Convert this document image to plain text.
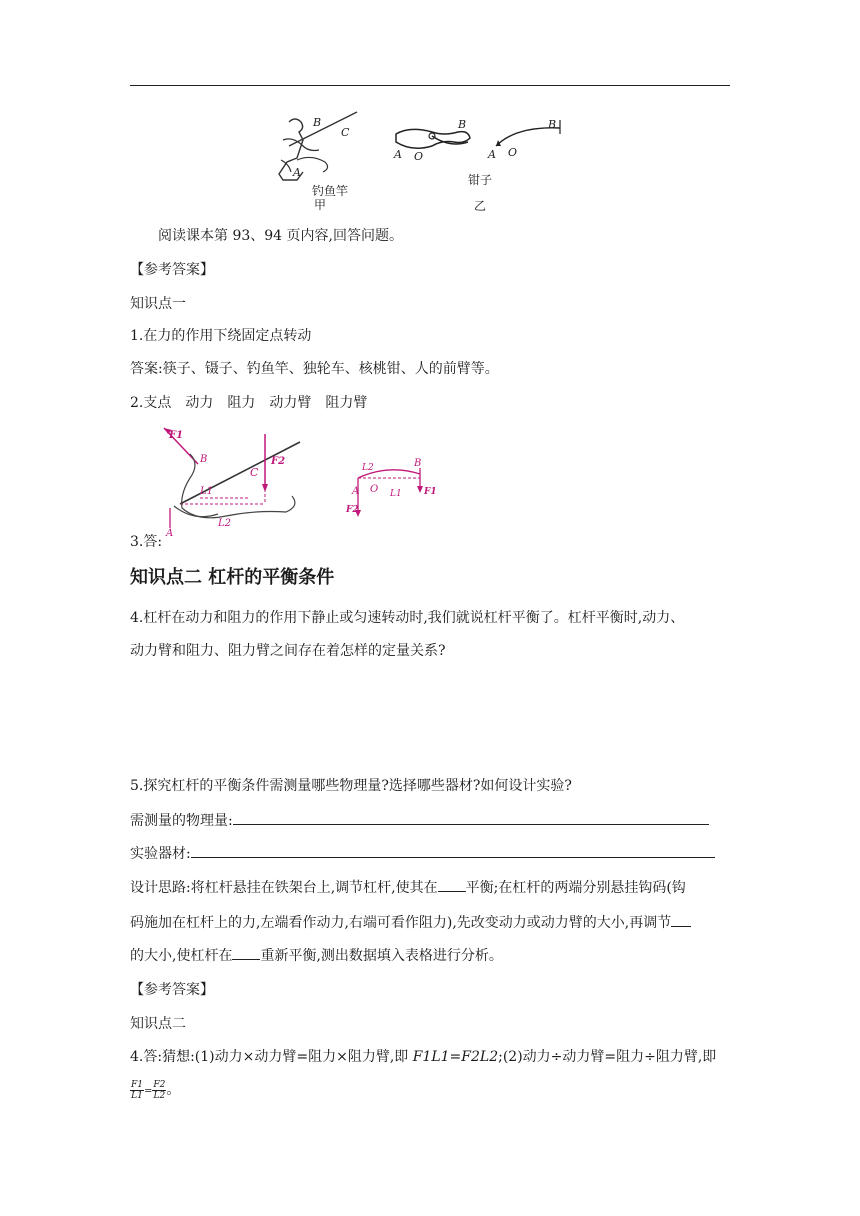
B
C
A
钓鱼竿
甲
B
A O
钳子
乙
B
A O
阅读课本第 93、94 页内容,回答问题。
【参考答案】
知识点一
1.在力的作用下绕固定点转动
答案:筷子、镊子、钓鱼竿、独轮车、核桃钳、人的前臂等。
2.支点　动力　阻力　动力臂　阻力臂
F1
B	F2
C
L2
L1
A
L2	B
A O L1 F1
F2
3.答:
知识点二 杠杆的平衡条件
4.杠杆在动力和阻力的作用下静止或匀速转动时,我们就说杠杆平衡了。杠杆平衡时,动力、
动力臂和阻力、阻力臂之间存在着怎样的定量关系?
5.探究杠杆的平衡条件需测量哪些物理量?选择哪些器材?如何设计实验?
需测量的物理量:
实验器材:
设计思路:将杠杆悬挂在铁架台上,调节杠杆,使其在 平衡;在杠杆的两端分别悬挂钩码(钩
码施加在杠杆上的力,左端看作动力,右端可看作阻力),先改变动力或动力臂的大小,再调节
的大小,使杠杆在 重新平衡,测出数据填入表格进行分析。
【参考答案】
知识点二
4.答:猜想:(1)动力×动力臂=阻力×阻力臂,即 F1L1=F2L2;(2)动力÷动力臂=阻力÷阻力臂,即
$\frac{F1}{L1} = \frac{F2}{L2}$ 。
